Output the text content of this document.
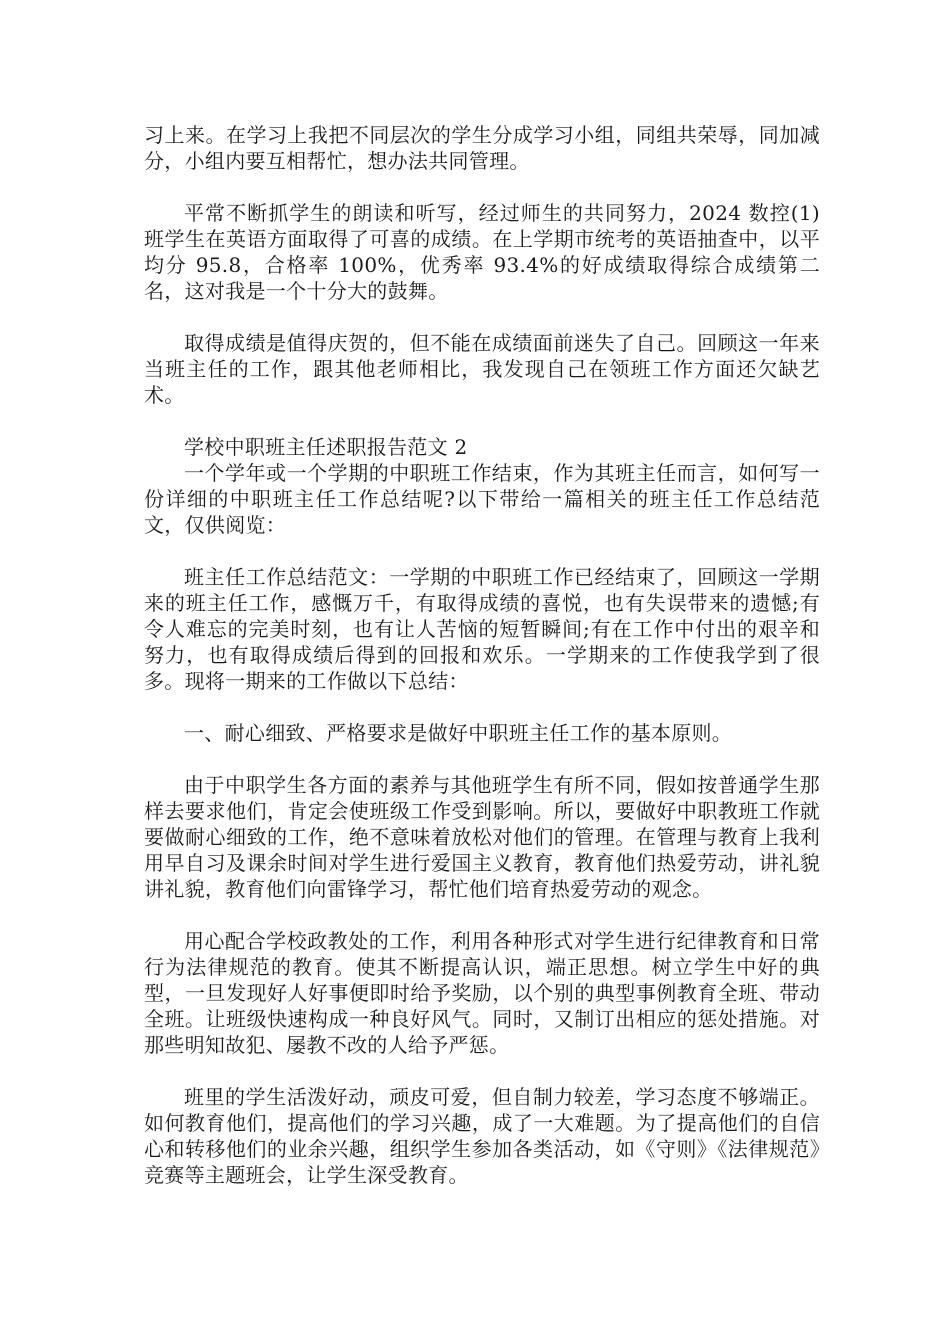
习上来。在学习上我把不同层次的学生分成学习小组，同组共荣辱，同加减分，小组内要互相帮忙，想办法共同管理。

平常不断抓学生的朗读和听写，经过师生的共同努力，2024 数控(1)班学生在英语方面取得了可喜的成绩。在上学期市统考的英语抽查中，以平均分 95.8，合格率 100%，优秀率 93.4%的好成绩取得综合成绩第二名，这对我是一个十分大的鼓舞。

取得成绩是值得庆贺的，但不能在成绩面前迷失了自己。回顾这一年来当班主任的工作，跟其他老师相比，我发现自己在领班工作方面还欠缺艺术。

学校中职班主任述职报告范文 2

一个学年或一个学期的中职班工作结束，作为其班主任而言，如何写一份详细的中职班主任工作总结呢?以下带给一篇相关的班主任工作总结范文，仅供阅览：

班主任工作总结范文：一学期的中职班工作已经结束了，回顾这一学期来的班主任工作，感慨万千，有取得成绩的喜悦，也有失误带来的遗憾;有令人难忘的完美时刻，也有让人苦恼的短暂瞬间;有在工作中付出的艰辛和努力，也有取得成绩后得到的回报和欢乐。一学期来的工作使我学到了很多。现将一期来的工作做以下总结：

一、耐心细致、严格要求是做好中职班主任工作的基本原则。

由于中职学生各方面的素养与其他班学生有所不同，假如按普通学生那样去要求他们，肯定会使班级工作受到影响。所以，要做好中职教班工作就要做耐心细致的工作，绝不意味着放松对他们的管理。在管理与教育上我利用早自习及课余时间对学生进行爱国主义教育，教育他们热爱劳动，讲礼貌讲礼貌，教育他们向雷锋学习，帮忙他们培育热爱劳动的观念。

用心配合学校政教处的工作，利用各种形式对学生进行纪律教育和日常行为法律规范的教育。使其不断提高认识，端正思想。树立学生中好的典型，一旦发现好人好事便即时给予奖励，以个别的典型事例教育全班、带动全班。让班级快速构成一种良好风气。同时，又制订出相应的惩处措施。对那些明知故犯、屡教不改的人给予严惩。

班里的学生活泼好动，顽皮可爱，但自制力较差，学习态度不够端正。如何教育他们，提高他们的学习兴趣，成了一大难题。为了提高他们的自信心和转移他们的业余兴趣，组织学生参加各类活动，如《守则》《法律规范》竞赛等主题班会，让学生深受教育。
